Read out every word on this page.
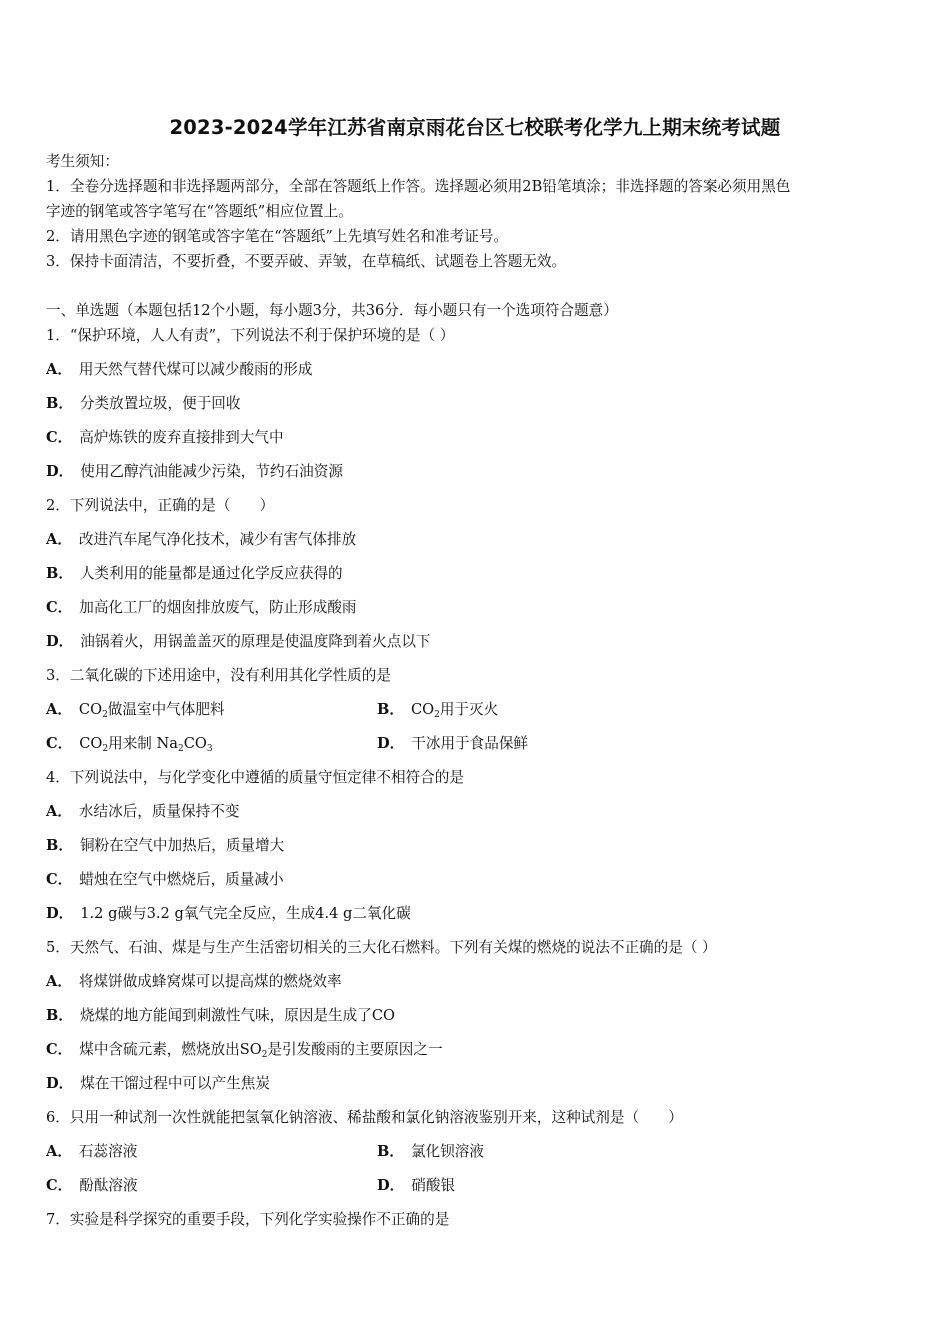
2023-2024学年江苏省南京雨花台区七校联考化学九上期末统考试题
考生须知：
1．全卷分选择题和非选择题两部分，全部在答题纸上作答。选择题必须用2B铅笔填涂；非选择题的答案必须用黑色
字迹的钢笔或答字笔写在“答题纸”相应位置上。
2．请用黑色字迹的钢笔或答字笔在“答题纸”上先填写姓名和准考证号。
3．保持卡面清洁，不要折叠，不要弄破、弄皱，在草稿纸、试题卷上答题无效。
一、单选题（本题包括12个小题，每小题3分，共36分．每小题只有一个选项符合题意）
1．“保护环境，人人有责”，下列说法不利于保护环境的是（ ）
A． 用天然气替代煤可以减少酸雨的形成
B． 分类放置垃圾，便于回收
C． 高炉炼铁的废弃直接排到大气中
D． 使用乙醇汽油能减少污染，节约石油资源
2．下列说法中，正确的是（　　）
A． 改进汽车尾气净化技术，减少有害气体排放
B． 人类利用的能量都是通过化学反应获得的
C． 加高化工厂的烟囱排放废气，防止形成酸雨
D． 油锅着火，用锅盖盖灭的原理是使温度降到着火点以下
3．二氧化碳的下述用途中，没有利用其化学性质的是
A． $CO_2$做温室中气体肥料	B． $CO_2$用于灭火
C． $CO_2$用来制 $Na_2CO_3$	D． 干冰用于食品保鲜
4．下列说法中，与化学变化中遵循的质量守恒定律不相符合的是
A． 水结冰后，质量保持不变
B． 铜粉在空气中加热后，质量增大
C． 蜡烛在空气中燃烧后，质量减小
D． 1.2 g碳与3.2 g氧气完全反应，生成4.4 g二氧化碳
5．天然气、石油、煤是与生产生活密切相关的三大化石燃料。下列有关煤的燃烧的说法不正确的是（ ）
A． 将煤饼做成蜂窝煤可以提高煤的燃烧效率
B． 烧煤的地方能闻到刺激性气味，原因是生成了CO
C． 煤中含硫元素，燃烧放出$SO_2$是引发酸雨的主要原因之一
D． 煤在干馏过程中可以产生焦炭
6．只用一种试剂一次性就能把氢氧化钠溶液、稀盐酸和氯化钠溶液鉴别开来，这种试剂是（　　）
A． 石蕊溶液	B． 氯化钡溶液
C． 酚酞溶液	D． 硝酸银
7．实验是科学探究的重要手段，下列化学实验操作不正确的是
